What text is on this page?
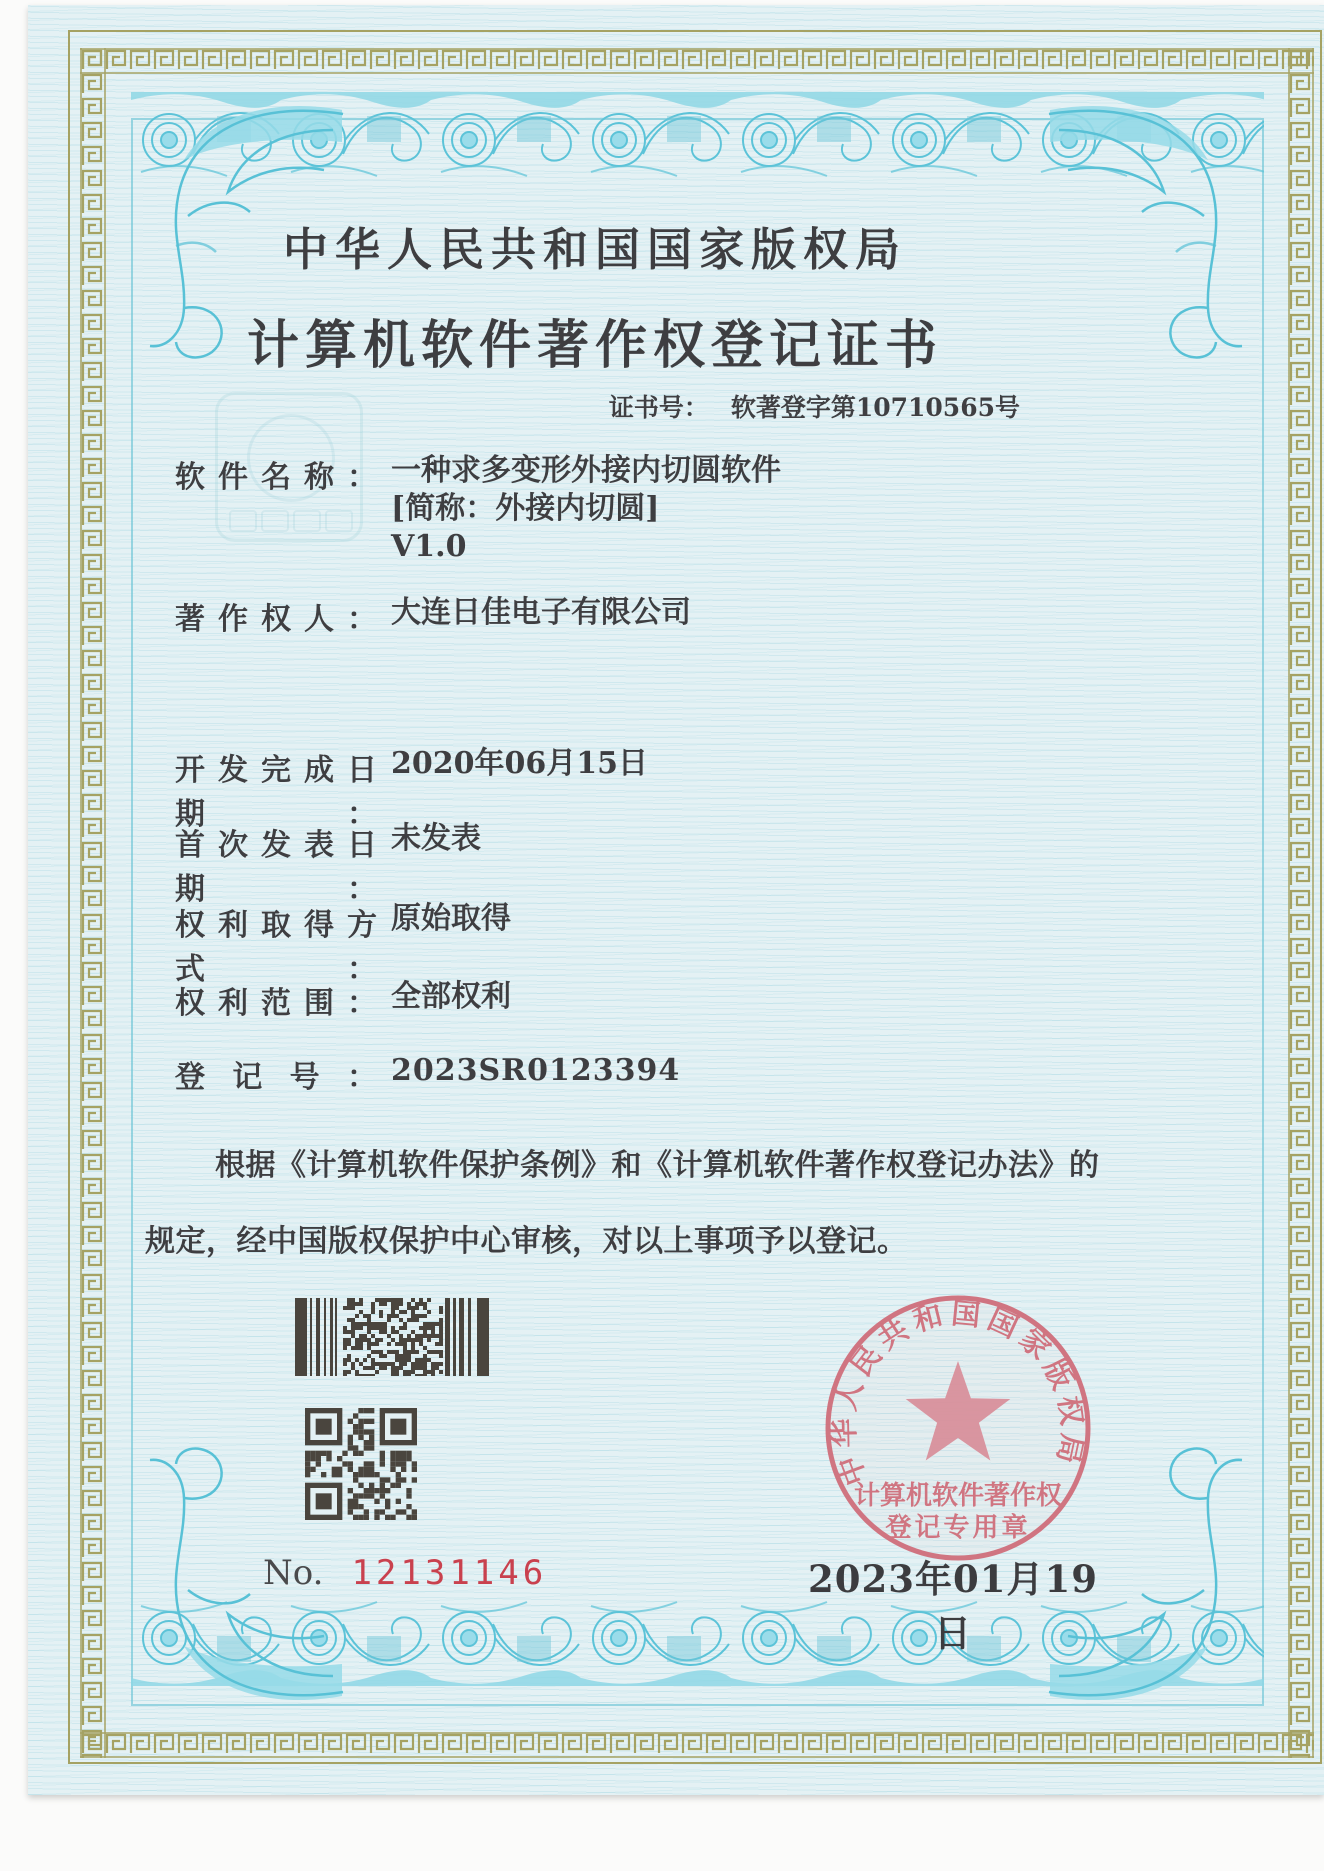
中华人民共和国国家版权局
计算机软件著作权登记证书
证书号： 软著登字第10710565号
软件名称： 一种求多变形外接内切圆软件
[简称：外接内切圆]
V1.0
著作权人： 大连日佳电子有限公司
开发完成日期：
2020年06月15日
首次发表日期：
未发表
权利取得方式：
原始取得
权利范围： 全部权利
登记号： 2023SR0123394
根据《计算机软件保护条例》和《计算机软件著作权登记办法》的
规定，经中国版权保护中心审核，对以上事项予以登记。
No. 12131146
中华人民共和国国家版权局
计算机软件著作权
登记专用章
2023年01月19日
